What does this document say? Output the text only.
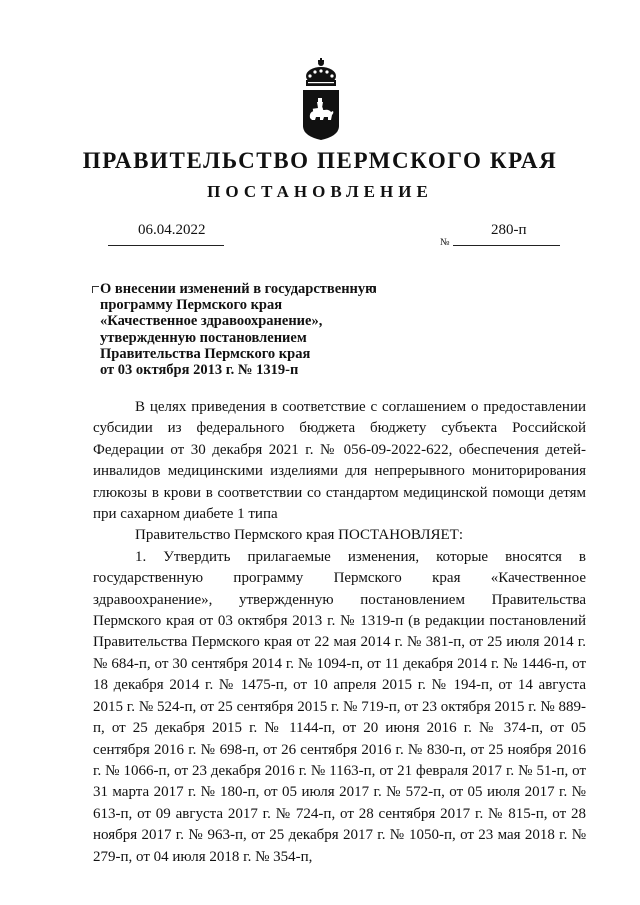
ПРАВИТЕЛЬСТВО ПЕРМСКОГО КРАЯ
ПОСТАНОВЛЕНИЕ
06.04.2022
№
280-п
О внесении изменений в государственную
программу Пермского края
«Качественное здравоохранение»,
утвержденную постановлением
Правительства Пермского края
от 03 октября 2013 г. № 1319-п

В целях приведения в соответствие с соглашением о предоставлении субсидии из федерального бюджета бюджету субъекта Российской Федерации от 30 декабря 2021 г. № 056-09-2022-622, обеспечения детей-инвалидов медицинскими изделиями для непрерывного мониторирования глюкозы в крови в соответствии со стандартом медицинской помощи детям при сахарном диабете 1 типа

Правительство Пермского края ПОСТАНОВЛЯЕТ:

1. Утвердить прилагаемые изменения, которые вносятся в государственную программу Пермского края «Качественное здравоохранение», утвержденную постановлением Правительства Пермского края от 03 октября 2013 г. № 1319-п (в редакции постановлений Правительства Пермского края от 22 мая 2014 г. № 381-п, от 25 июля 2014 г. № 684-п, от 30 сентября 2014 г. № 1094-п, от 11 декабря 2014 г. № 1446-п, от 18 декабря 2014 г. № 1475-п, от 10 апреля 2015 г. № 194-п, от 14 августа 2015 г. № 524-п, от 25 сентября 2015 г. № 719-п, от 23 октября 2015 г. № 889-п, от 25 декабря 2015 г. № 1144-п, от 20 июня 2016 г. № 374-п, от 05 сентября 2016 г. № 698-п, от 26 сентября 2016 г. № 830-п, от 25 ноября 2016 г. № 1066-п, от 23 декабря 2016 г. № 1163-п, от 21 февраля 2017 г. № 51-п, от 31 марта 2017 г. № 180-п, от 05 июля 2017 г. № 572-п, от 05 июля 2017 г. № 613-п, от 09 августа 2017 г. № 724-п, от 28 сентября 2017 г. № 815-п, от 28 ноября 2017 г. № 963-п, от 25 декабря 2017 г. № 1050-п, от 23 мая 2018 г. № 279-п, от 04 июля 2018 г. № 354-п,
